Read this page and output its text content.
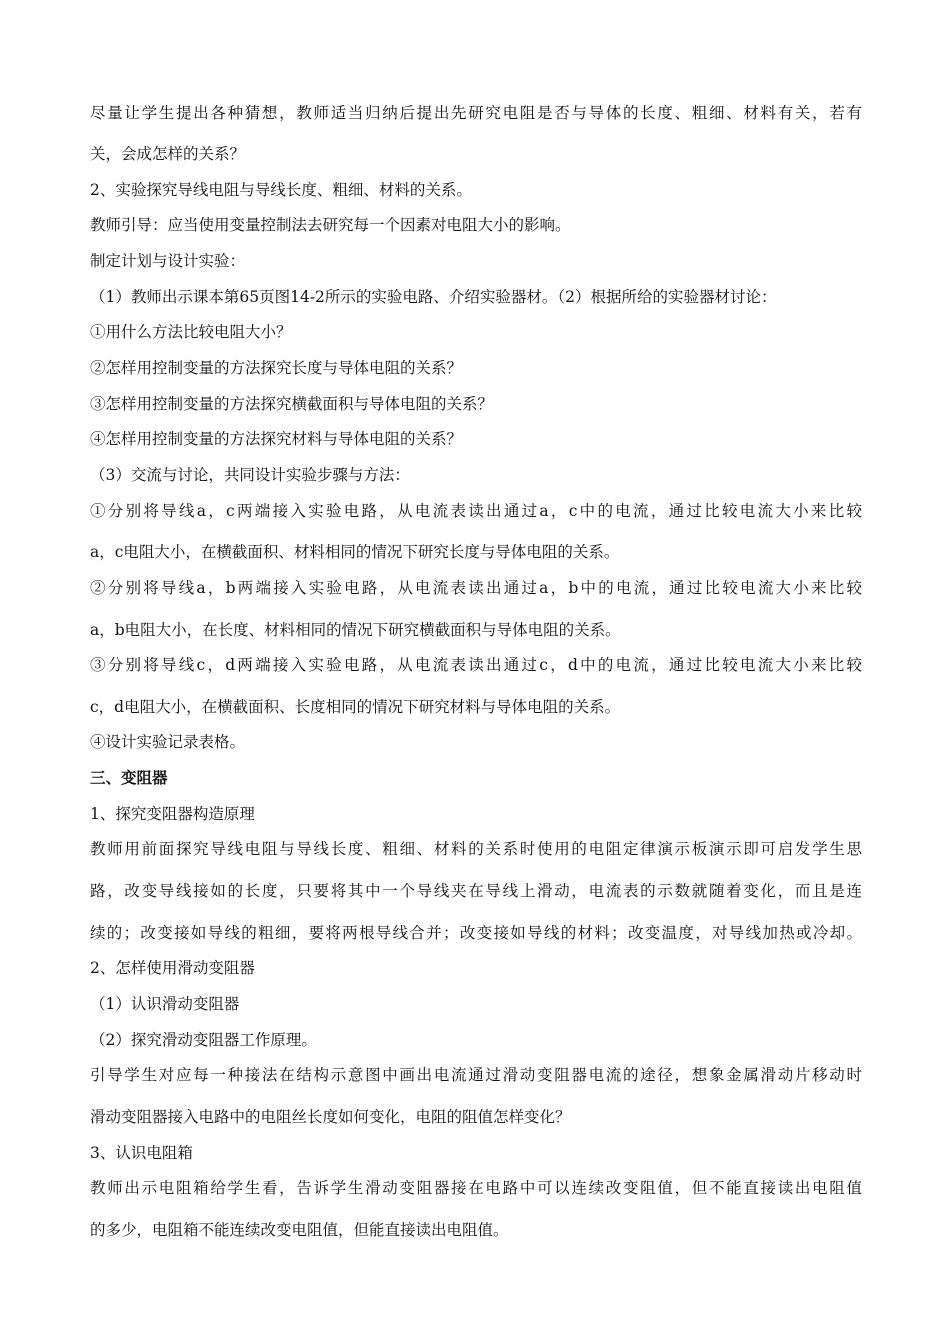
尽量让学生提出各种猜想，教师适当归纳后提出先研究电阻是否与导体的长度、粗细、材料有关，若有
关，会成怎样的关系？
2、实验探究导线电阻与导线长度、粗细、材料的关系。
教师引导：应当使用变量控制法去研究每一个因素对电阻大小的影响。
制定计划与设计实验：
（1）教师出示课本第65页图14-2所示的实验电路、介绍实验器材。（2）根据所给的实验器材讨论：
①用什么方法比较电阻大小？
②怎样用控制变量的方法探究长度与导体电阻的关系？
③怎样用控制变量的方法探究横截面积与导体电阻的关系？
④怎样用控制变量的方法探究材料与导体电阻的关系？
（3）交流与讨论，共同设计实验步骤与方法：
①分别将导线a，c两端接入实验电路，从电流表读出通过a，c中的电流，通过比较电流大小来比较
a，c电阻大小，在横截面积、材料相同的情况下研究长度与导体电阻的关系。
②分别将导线a，b两端接入实验电路，从电流表读出通过a，b中的电流，通过比较电流大小来比较
a，b电阻大小，在长度、材料相同的情况下研究横截面积与导体电阻的关系。
③分别将导线c，d两端接入实验电路，从电流表读出通过c，d中的电流，通过比较电流大小来比较
c，d电阻大小，在横截面积、长度相同的情况下研究材料与导体电阻的关系。
④设计实验记录表格。
三、变阻器
1、探究变阻器构造原理
教师用前面探究导线电阻与导线长度、粗细、材料的关系时使用的电阻定律演示板演示即可启发学生思
路，改变导线接如的长度，只要将其中一个导线夹在导线上滑动，电流表的示数就随着变化，而且是连
续的；改变接如导线的粗细，要将两根导线合并；改变接如导线的材料；改变温度，对导线加热或冷却。
2、怎样使用滑动变阻器
（1）认识滑动变阻器
（2）探究滑动变阻器工作原理。
引导学生对应每一种接法在结构示意图中画出电流通过滑动变阻器电流的途径，想象金属滑动片移动时
滑动变阻器接入电路中的电阻丝长度如何变化，电阻的阻值怎样变化？
3、认识电阻箱
教师出示电阻箱给学生看，告诉学生滑动变阻器接在电路中可以连续改变阻值，但不能直接读出电阻值
的多少，电阻箱不能连续改变电阻值，但能直接读出电阻值。
